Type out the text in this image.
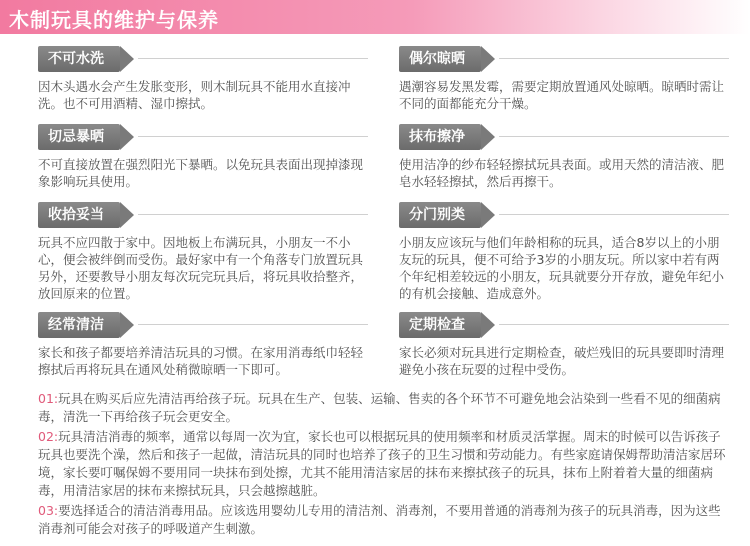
木制玩具的维护与保养
不可水洗
因木头遇水会产生发胀变形，则木制玩具不能用水直接冲洗。也不可用酒精、湿巾擦拭。
偶尔晾晒
遇潮容易发黑发霉，需要定期放置通风处晾晒。晾晒时需让不同的面都能充分干燥。
切忌暴晒
不可直接放置在强烈阳光下暴晒。以免玩具表面出现掉漆现象影响玩具使用。
抹布擦净
使用洁净的纱布轻轻擦拭玩具表面。或用天然的清洁液、肥皂水轻轻擦拭，然后再擦干。
收拾妥当
玩具不应四散于家中。因地板上布满玩具，小朋友一不小心，便会被绊倒而受伤。最好家中有一个角落专门放置玩具另外，还要教导小朋友每次玩完玩具后，将玩具收拾整齐，放回原来的位置。
分门别类
小朋友应该玩与他们年龄相称的玩具，适合8岁以上的小朋友玩的玩具，便不可给予3岁的小朋友玩。所以家中若有两个年纪相差较远的小朋友，玩具就要分开存放，避免年纪小的有机会接触、造成意外。
经常清洁
家长和孩子都要培养清洁玩具的习惯。在家用消毒纸巾轻轻擦拭后再将玩具在通风处稍微晾晒一下即可。
定期检查
家长必须对玩具进行定期检查，破烂残旧的玩具要即时清理避免小孩在玩耍的过程中受伤。

01:玩具在购买后应先清洁再给孩子玩。玩具在生产、包装、运输、售卖的各个环节不可避免地会沾染到一些看不见的细菌病毒，清洗一下再给孩子玩会更安全。

02:玩具清洁消毒的频率，通常以每周一次为宜，家长也可以根据玩具的使用频率和材质灵活掌握。周末的时候可以告诉孩子玩具也要洗个澡，然后和孩子一起做，清洁玩具的同时也培养了孩子的卫生习惯和劳动能力。有些家庭请保姆帮助清洁家居环境，家长要叮嘱保姆不要用同一块抹布到处擦，尤其不能用清洁家居的抹布来擦拭孩子的玩具，抹布上附着着大量的细菌病毒，用清洁家居的抹布来擦拭玩具，只会越擦越脏。

03:要选择适合的清洁消毒用品。应该选用婴幼儿专用的清洁剂、消毒剂，不要用普通的消毒剂为孩子的玩具消毒，因为这些消毒剂可能会对孩子的呼吸道产生刺激。
